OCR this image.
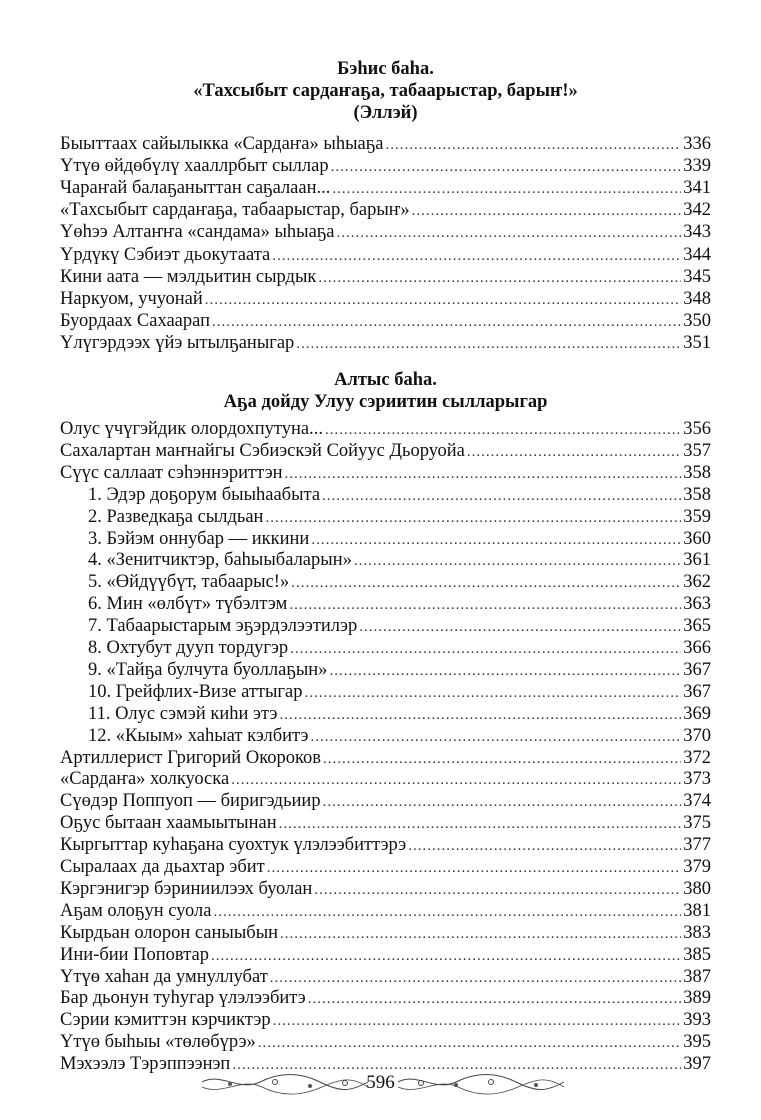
Бэhис баhа.
«Тахсыбыт сардаҥаҕа, табаарыстар, барыҥ!»
(Эллэй)
Быыттаах сайылыкка «Сардаҥа» ыhыаҕа .....	336
Үтүө өйдөбүлү хааллрбыт сыллар .....	339
Чараҥай балаҕаныттан саҕалаан... .....	341
«Тахсыбыт сардаҥаҕа, табаарыстар, барыҥ» .....	342
Үөhээ Алтаҥҥа «сандама» ыhыаҕа .....	343
Үрдүкү Сэбиэт дьокутаата .....	344
Кини аата — мэлдьитин сырдык .....	345
Наркуом, учуонай .....	348
Буордаах Сахаарап .....	350
Үлүгэрдээх үйэ ытылҕаныгар .....	351
Алтыс баhа.
Аҕа дойду Улуу сэриитин сылларыгар
Олус үчүгэйдик олордохпутуна... .....	356
Сахалартан маҥнайгы Сэбиэскэй Сойуус Дьоруойа .....	357
Сүүс саллаат сэhэннэриттэн .....	358
1. Эдэр доҕорум быыhаабыта .....	358
2. Разведкаҕа сылдьан .....	359
3. Бэйэм оннубар — иккини .....	360
4. «Зенитчиктэр, баhыыбаларын» .....	361
5. «Өйдүүбүт, табаарыс!» .....	362
6. Мин «өлбүт» түбэлтэм .....	363
7. Табаарыстарым эҕэрдэлээтилэр .....	365
8. Охтубут дууп тордугэр .....	366
9. «Тайҕа булчута буоллаҕын» .....	367
10. Грейфлих-Визе аттыгар .....	367
11. Олус сэмэй киhи этэ .....	369
12. «Кыым» хаhыат кэлбитэ .....	370
Артиллерист Григорий Окороков .....	372
«Сардаҥа» холкуоска .....	373
Сүөдэр Поппуоп — биригэдьиир .....	374
Оҕус бытаан хаамыытынан .....	375
Кыргыттар куhаҕана суохтук үлэлээбиттэрэ .....	377
Сыралаах да дьахтар эбит .....	379
Кэргэнигэр бэриниилээх буолан .....	380
Аҕам олоҕун суола .....	381
Кырдьан олорон саныыбын .....	383
Ини-бии Поповтар .....	385
Үтүө хаhан да умнуллубат .....	387
Бар дьонун туhугар үлэлээбитэ .....	389
Сэрии кэмиттэн кэрчиктэр .....	393
Үтүө быhыы «төлөбүрэ» .....	395
Мэхээлэ Тэрэппээнэп .....	397
596
